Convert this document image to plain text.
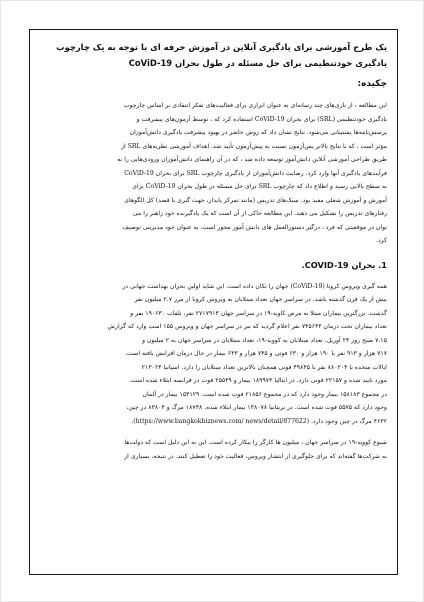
یک طرح آموزشی برای یادگیری آنلاین در آموزش حرفه ای با توجه به یک چارچوب
یادگیری خودتنظیمی برای حل مسئله در طول بحران CoViD-19
چکیده:
این مطالعه ، از بازی‌های چند رسانه‌ای به عنوان ابزاری برای فعالیت‌های تفکر انتقادی بر اساس چارچوب
یادگیری خودتنظیمی (SRL) برای بحران CoViD-19 استفاده کرد که ، توسط آزمون‌های پیشرفت و
پرسش‌نامه‌ها پشتیبانی می‌شود. نتایج نشان داد که روش حاضر در بهبود پیشرفت یادگیری دانش‌آموزان
مؤثر است ، که با نتایج بالاتر پس‌آزمون نسبت به پیش‌آزمون تأیید شد. اهداف آموزشی نظریه‌های SRL از
طریق طراحی آموزشی آنلاین دانش‌آموز توسعه داده شد ، که در آن راهنمای دانش‌آموزان ورودی‌هایی را به
فرآیندهای یادگیری آنها وارد کرد. رضایت دانش‌آموزان از یادگیری چارچوب SRL برای بحران CoViD-19
به سطح بالایی رسید و اطلاع داد که چارچوب SRL برای حل مسئله در طول بحران CoViD-19 برای
آموزش و آموزش شغلی مفید بود. سبک‌های تدریس (مانند تمرکز پایدار، جهت گیری یا قصد) کل الگوهای
رفتارهای تدریس را تشکیل می دهند. این مطالعه حاکی از آن است که یک یادگیرنده خود راهبر را می
توان در موقعیتی که فرد ، درگیر دستورالعمل های دانش آموز محور است، به عنوان خود مدیریتی توصیف
کرد.
1. بحران COVID-19.
همه گیری ویروس کرونا (CoViD-19) جهان را تکان داده است. این شاید اولین بحران بهداشت جهانی در
بیش از یک قرن گذشته باشد. در سراسر جهان تعداد مبتلایان به ویروس کرونا از مرز ۲.۷ میلیون نفر
گذشت. بزرگترین بیماران مبتلا به مرض کاوید-۱۹ در سراسر جهان ۲۷۱۷۹۱۳ نفر، تلفات ۱۹۰۶۳۰ نفر و
تعداد بیماران تحت درمان ۷۴۵۶۴۳ نفر اعلام گردید که نیز در سراسر جهان و ویروس ۱۵۵ است وارد که گزارش
۷.۱۵ صبح روز ۲۴ آوریل، تعداد مبتلایان به کووید-۱۹، تعداد مبتلایان در سراسر جهان به ۲ میلیون و
۷۱۷ هزار و ۹۱۳ نفر با ۱۹۰ هزار و ۶۳۰ فوتی و ۷۴۵ هزار و ۶۴۳ بیمار در حال درمان افزایش یافته است.
ایالات متحده با ۸۸۰۲۰۴ نفر با ۴۹۸۴۵ فوتی همچنان بالاترین تعداد مبتلایان را دارد. اسپانیا ۲۱۳۰۲۴
مورد تایید شده و ۲۲۱۵۷ فوتی دارد. در ایتالیا ۱۸۹۹۷۳ بیمار و ۲۵۵۴۹ فوت در فرانسه ابتلاء شده است.
در مجموع ۱۵۸۱۸۳ بیمار وجود دارد که در مجموع ۲۱۸۵۶ فوت شده است. ۱۵۳۱۲۹ بیمار در آلمان
وجود دارد که ۵۵۷۵ فوت شده است. در بریتانیا ۱۳۸۰۷۸ بیمار ابتلاء شده. ۱۸۷۳۸ مرگ و ۸۳۸۰۴ در چین،
۴۶۳۲ مرگ در چین وجود دارد. (https://www.bangkokbiznews.com/ news/detail/877622).
شیوع کووید-۱۹ در سراسر جهان ، میلیون ها کارگر را بیکار کرده است. این به این دلیل است که دولت‌ها
به شرکت‌ها گفته‌اند که برای جلوگیری از انتشار ویروس، فعالیت خود را تعطیل کنند. در نتیجه، بسیاری از
